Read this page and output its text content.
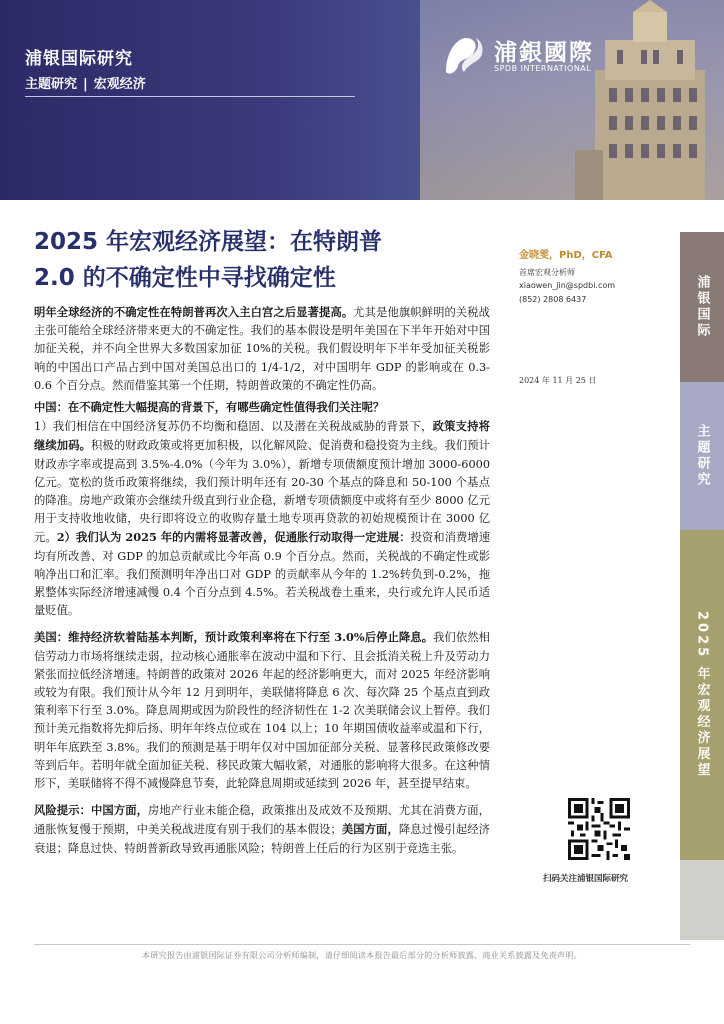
浦银国际研究
主题研究 | 宏观经济
浦銀國際
SPDB INTERNATIONAL
2025 年宏观经济展望：在特朗普
2.0 的不确定性中寻找确定性

明年全球经济的不确定性在特朗普再次入主白宫之后显著提高。尤其是他旗帜鲜明的关税战主张可能给全球经济带来更大的不确定性。我们的基本假设是明年美国在下半年开始对中国加征关税，并不向全世界大多数国家加征 10%的关税。我们假设明年下半年受加征关税影响的中国出口产品占到中国对美国总出口的 1/4-1/2，对中国明年 GDP 的影响或在 0.3-0.6 个百分点。然而借鉴其第一个任期，特朗普政策的不确定性仍高。

中国：在不确定性大幅提高的背景下，有哪些确定性值得我们关注呢？
1）我们相信在中国经济复苏仍不均衡和稳固、以及潜在关税战威胁的背景下，政策支持将继续加码。积极的财政政策或将更加积极，以化解风险、促消费和稳投资为主线。我们预计财政赤字率或提高到 3.5%-4.0%（今年为 3.0%），新增专项债额度预计增加 3000-6000 亿元。宽松的货币政策将继续，我们预计明年还有 20-30 个基点的降息和 50-100 个基点的降准。房地产政策亦会继续升级直到行业企稳，新增专项债额度中或将有至少 8000 亿元用于支持收地收储，央行即将设立的收购存量土地专项再贷款的初始规模预计在 3000 亿元。2）我们认为 2025 年的内需将显著改善，促通胀行动取得一定进展：投资和消费增速均有所改善、对 GDP 的加总贡献或比今年高 0.9 个百分点。然而，关税战的不确定性或影响净出口和汇率。我们预测明年净出口对 GDP 的贡献率从今年的 1.2%转负到-0.2%，拖累整体实际经济增速减慢 0.4 个百分点到 4.5%。若关税战卷土重来，央行或允许人民币适量贬值。

美国：维持经济软着陆基本判断，预计政策利率将在下行至 3.0%后停止降息。我们依然相信劳动力市场将继续走弱，拉动核心通胀率在波动中温和下行、且会抵消关税上升及劳动力紧张而拉低经济增速。特朗普的政策对 2026 年起的经济影响更大，而对 2025 年经济影响或较为有限。我们预计从今年 12 月到明年，美联储将降息 6 次、每次降 25 个基点直到政策利率下行至 3.0%。降息周期或因为阶段性的经济韧性在 1-2 次美联储会议上暂停。我们预计美元指数将先抑后扬、明年年终点位或在 104 以上；10 年期国债收益率或温和下行，明年年底跌至 3.8%。我们的预测是基于明年仅对中国加征部分关税、显著移民政策修改要等到后年。若明年就全面加征关税、移民政策大幅收紧，对通胀的影响将大很多。在这种情形下，美联储将不得不减慢降息节奏，此轮降息周期或延续到 2026 年，甚至提早结束。

风险提示：中国方面，房地产行业未能企稳，政策推出及成效不及预期、尤其在消费方面，通胀恢复慢于预期，中美关税战进度有别于我们的基本假设；美国方面，降息过慢引起经济衰退；降息过快、特朗普新政导致再通胀风险；特朗普上任后的行为区别于竞选主张。

金晓雯，PhD，CFA
首席宏观分析师
xiaowen_jin@spdbi.com
(852) 2808 6437
2024 年 11 月 25 日
浦银国际
主题研究
2025 年宏观经济展望
扫码关注浦银国际研究
本研究报告由浦银国际证券有限公司分析师编制，请仔细阅读本报告最后部分的分析师披露、商业关系披露及免责声明。
